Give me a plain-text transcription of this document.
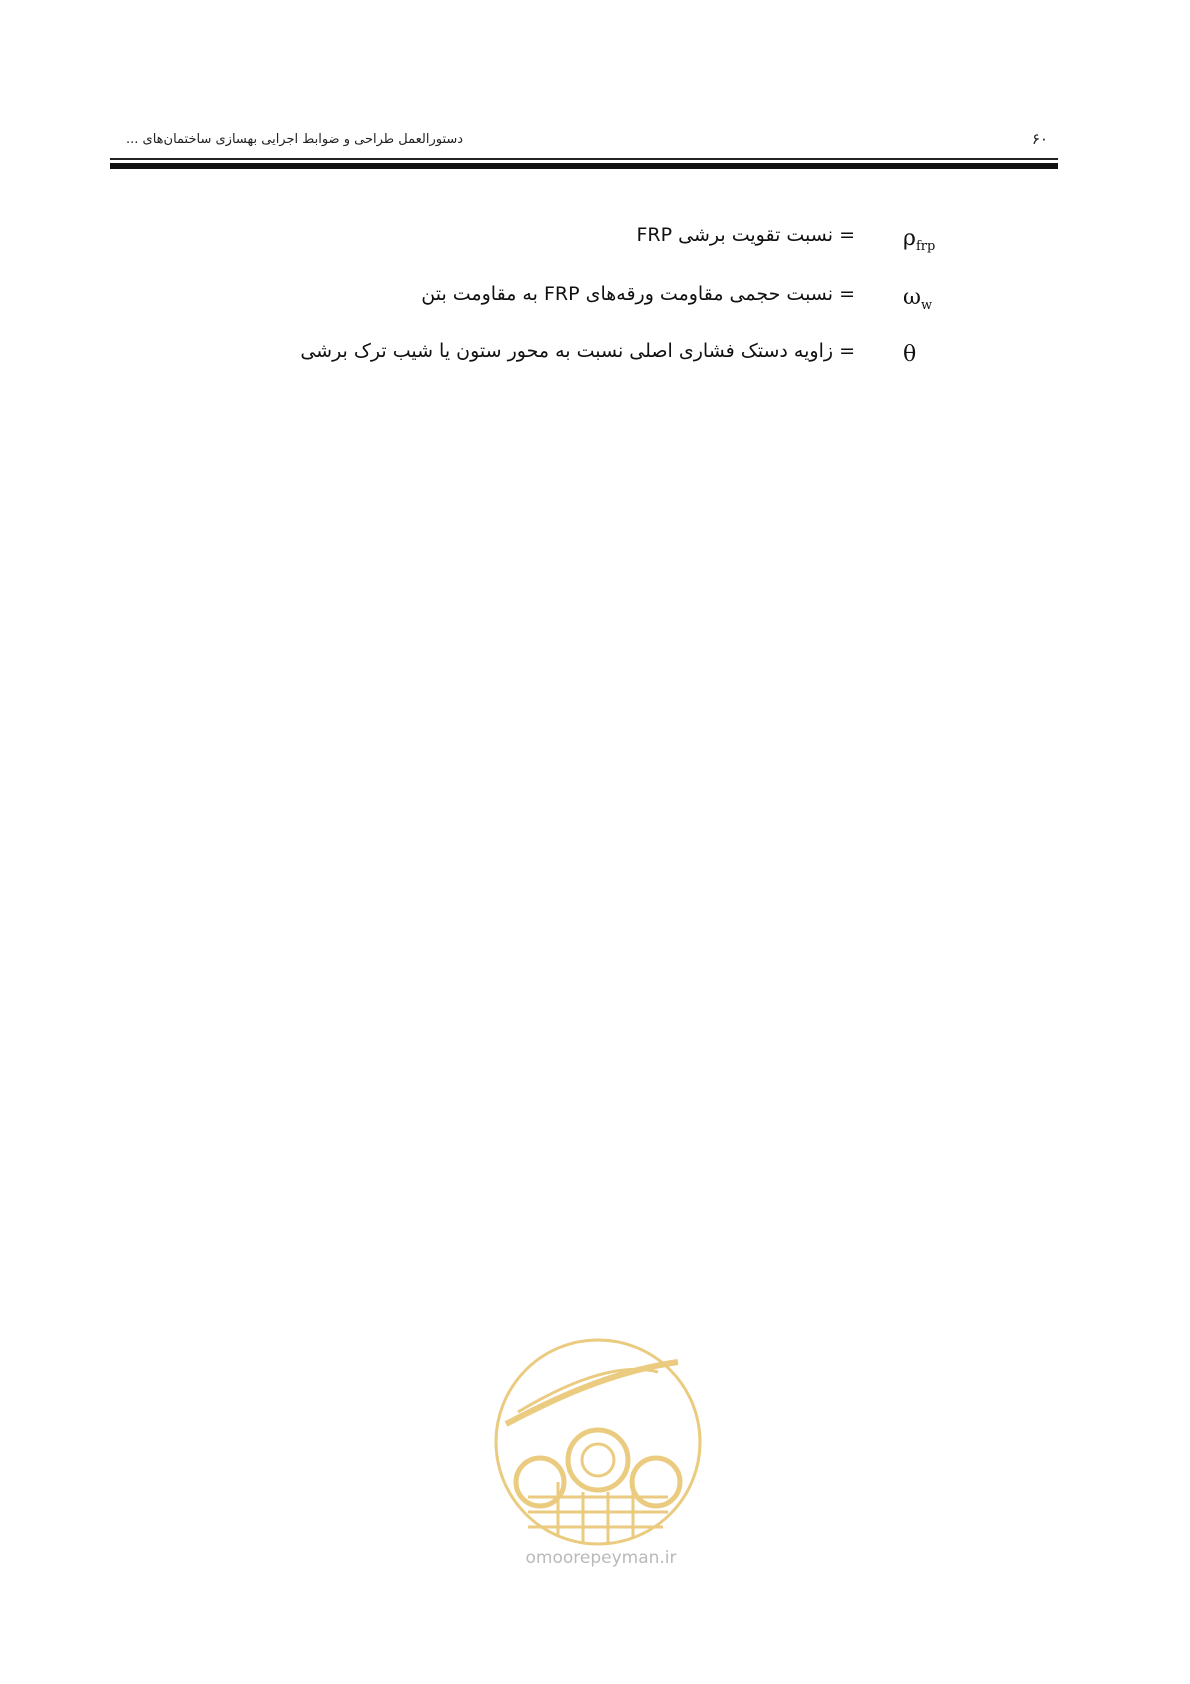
دستورالعمل طراحی و ضوابط اجرایی بهسازی ساختمان‌های ...	۶۰
$\rho_{frp}$
= نسبت تقویت برشی FRP
$\omega_w$
= نسبت حجمی مقاومت ورقه‌های FRP به مقاومت بتن
θ
= زاویه دستک فشاری اصلی نسبت به محور ستون یا شیب ترک برشی
omoorepeyman.ir
